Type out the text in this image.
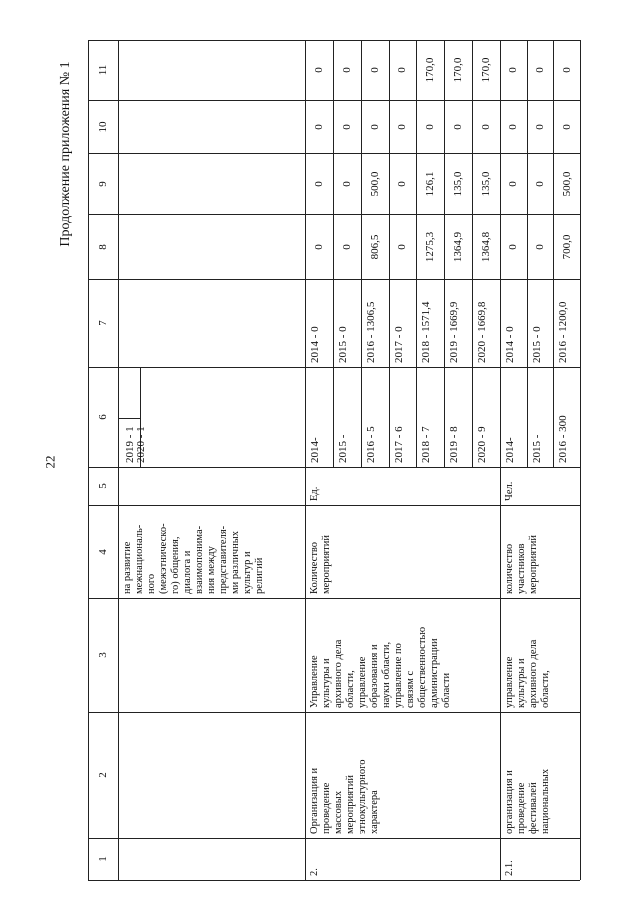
22
Продолжение приложения № 1
1
2
3
4
5
6
7
8
9
10
11
на развитие
межнациональ-
ного
(межэтническо-
го) общения,
диалога и
взаимопонима-
ния между
представителя-
ми различных
культур и
религий
2019 - 1 2020 - 1
2.
Организация и
проведение
массовых
мероприятий
этнокультурного
характера
Управление
культуры и
архивного дела
области,
управление
образования и
науки области,
управление по
связям с
общественностью
администрации
области
Количество
мероприятий
Ед.
2014- 2015 - 2016 - 5 2017 - 6 2018 - 7 2019 - 8 2020 - 9
2014 - 0 2015 - 0 2016 - 1306,5 2017 - 0 2018 - 1571,4 2019 - 1669,9 2020 - 1669,8
0 0 806,5 0 1275,3 1364,9 1364,8
0 0 500,0 0 126,1 135,0 135,0
0 0 0 0 0 0 0
0 0 0 0 170,0 170,0 170,0
2.1.
организация и
проведение
фестивалей
национальных
управление
культуры и
архивного дела
области,
количество
участников
мероприятий
Чел.
2014- 2015 - 2016 - 300
2014 - 0 2015 - 0 2016 - 1200,0
0 0 700,0
0 0 500,0
0 0 0
0 0 0
